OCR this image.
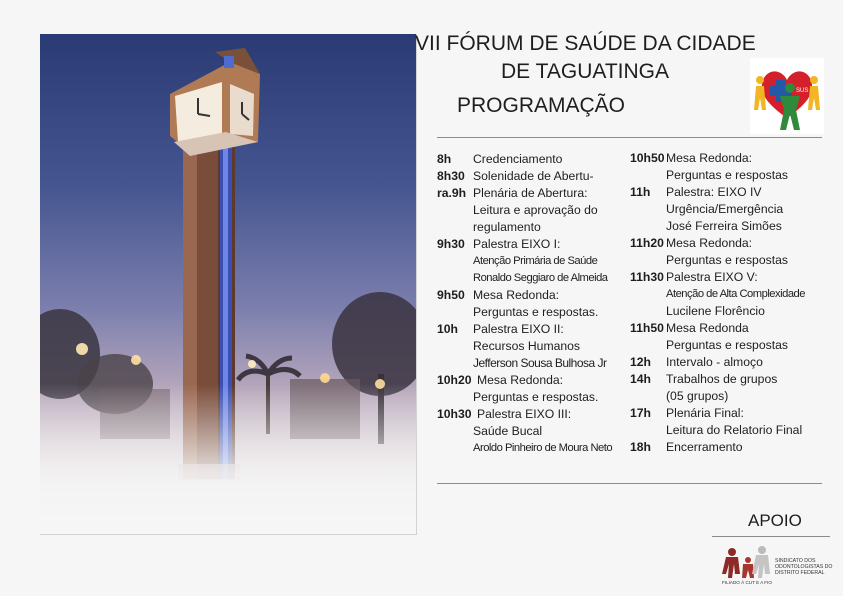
VII FÓRUM DE SAÚDE DA CIDADE
DE TAGUATINGA
PROGRAMAÇÃO
SUS
8h	Credenciamento
8h30 Solenidade de Abertu-
ra.9h Plenária de Abertura:
Leitura e aprovação do
regulamento
9h30 Palestra EIXO I:
Atenção Primária de Saúde
Ronaldo Seggiaro de Almeida
9h50 Mesa Redonda:
Perguntas e respostas.
10h	Palestra EIXO II:
Recursos Humanos
Jefferson Sousa Bulhosa Jr
10h20 Mesa Redonda:
Perguntas e respostas.
10h30 Palestra EIXO III:
Saúde Bucal
Aroldo Pinheiro de Moura Neto
10h50 Mesa Redonda:
Perguntas e respostas
11h	Palestra: EIXO IV
Urgência/Emergência
José Ferreira Simões
11h20 Mesa Redonda:
Perguntas e respostas
11h30 Palestra EIXO V:
Atenção de Alta Complexidade
Lucilene Florêncio
11h50 Mesa Redonda
Perguntas e respostas
12h	Intervalo - almoço
14h	Trabalhos de grupos
(05 grupos)
17h	Plenária Final:
Leitura do Relatorio Final
18h	Encerramento
APOIO
SINDICATO DOS ODONTOLOGISTAS DO DISTRITO FEDERAL
FILIADO À CUT E A FIO
